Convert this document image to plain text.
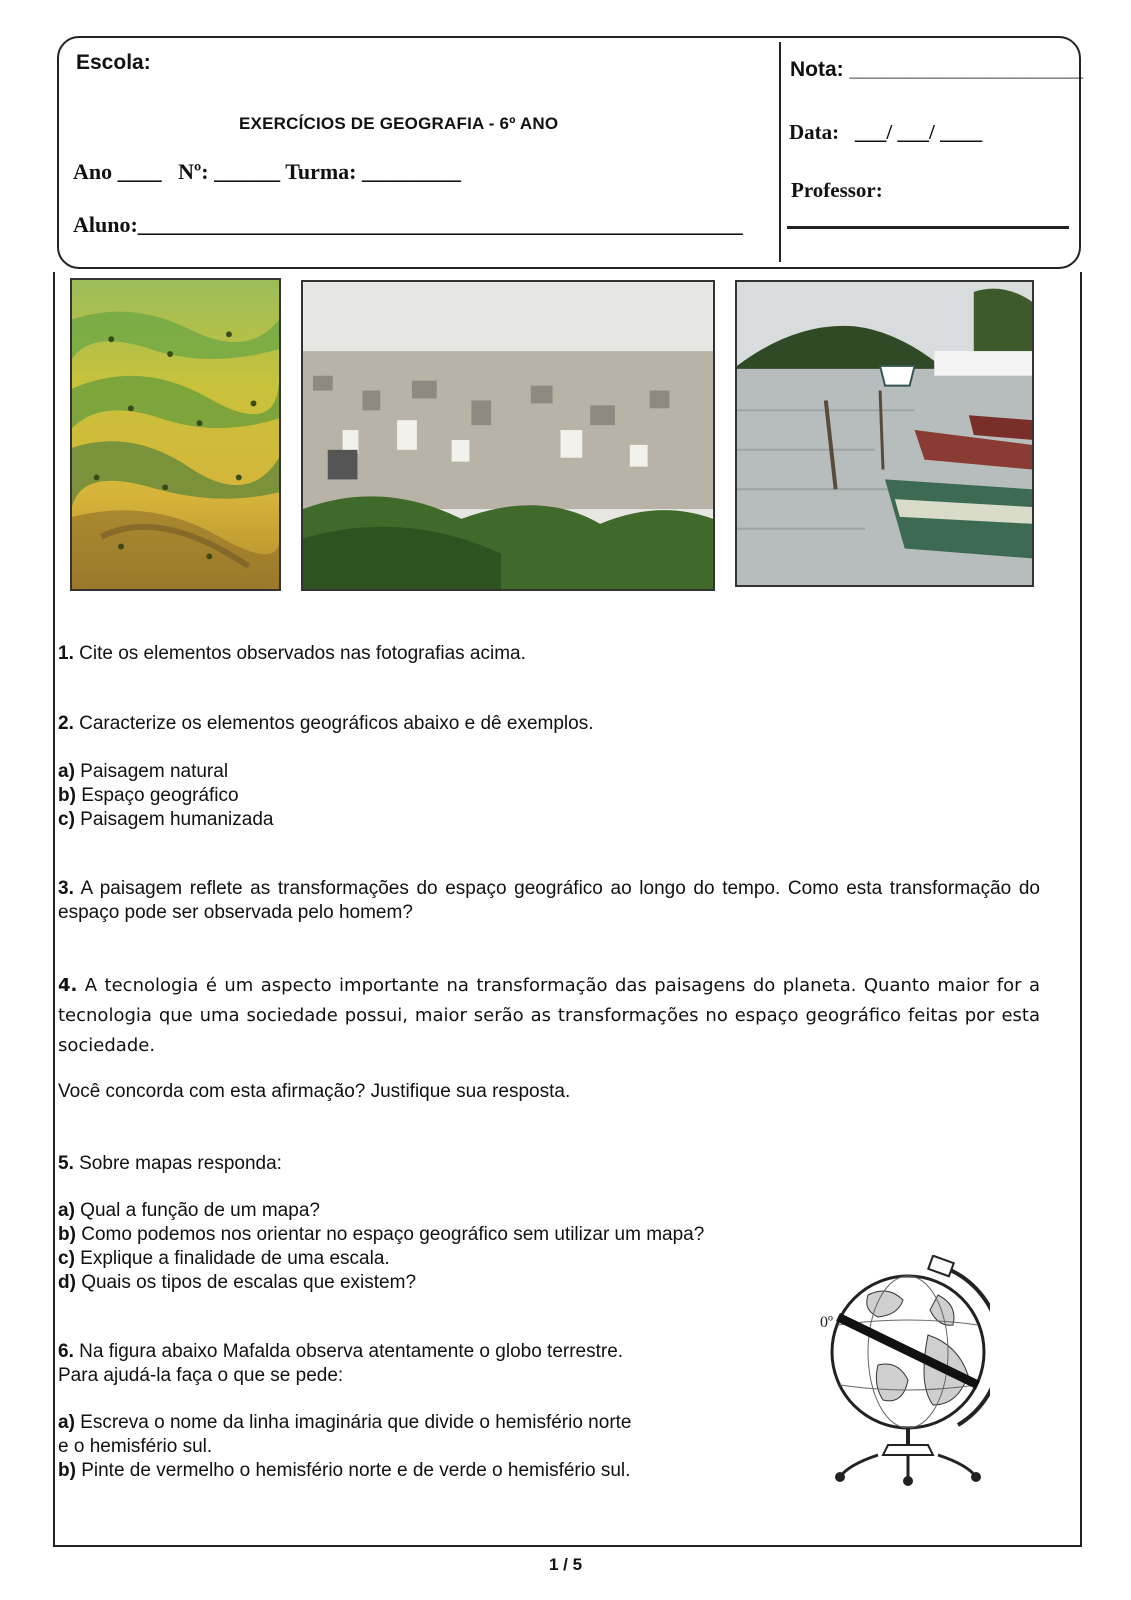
Escola:
EXERCÍCIOS DE GEOGRAFIA - 6º ANO
Ano ____   Nº: ______ Turma: _________
Aluno:_______________________________________________________
Nota: ____________________
Data:   ___/ ___/ ____
Professor:
1. Cite os elementos observados nas fotografias acima.
2. Caracterize os elementos geográficos abaixo e dê exemplos.
a) Paisagem natural
b) Espaço geográfico
c) Paisagem humanizada
3. A paisagem reflete as transformações do espaço geográfico ao longo do tempo. Como esta transformação do espaço pode ser observada pelo homem?
4. A tecnologia é um aspecto importante na transformação das paisagens do planeta. Quanto maior for a tecnologia que uma sociedade possui, maior serão as transformações no espaço geográfico feitas por esta sociedade.
Você concorda com esta afirmação? Justifique sua resposta.
5. Sobre mapas responda:
a) Qual a função de um mapa?
b) Como podemos nos orientar no espaço geográfico sem utilizar um mapa?
c) Explique a finalidade de uma escala.
d) Quais os tipos de escalas que existem?
6. Na figura abaixo Mafalda observa atentamente o globo terrestre.
Para ajudá-la faça o que se pede:
a) Escreva o nome da linha imaginária que divide o hemisfério norte
e o hemisfério sul.
b) Pinte de vermelho o hemisfério norte e de verde o hemisfério sul.
0º
1 / 5
